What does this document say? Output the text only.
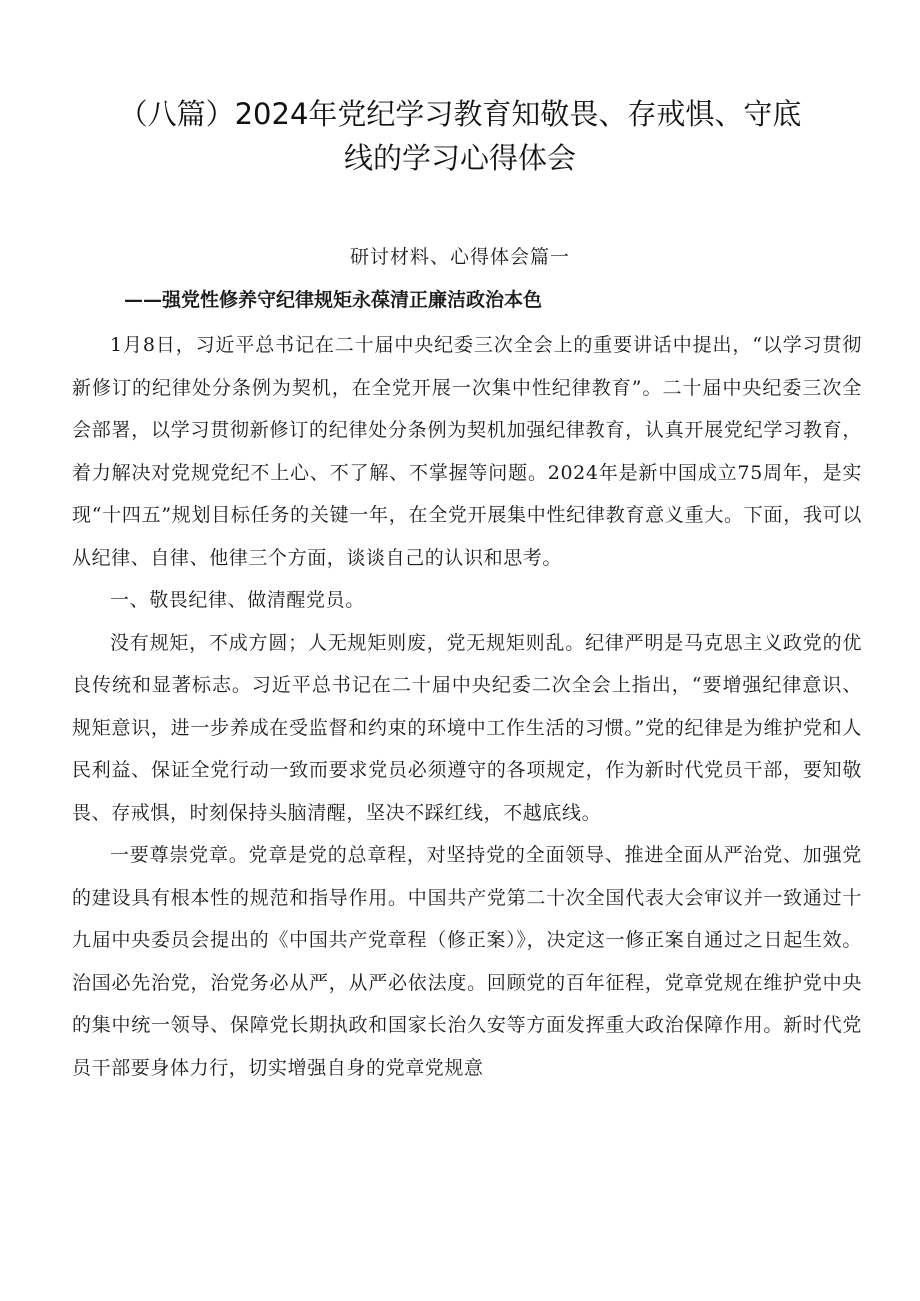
（八篇）2024年党纪学习教育知敬畏、存戒惧、守底
线的学习心得体会
研讨材料、心得体会篇一
——强党性修养守纪律规矩永葆清正廉洁政治本色

1月8日，习近平总书记在二十届中央纪委三次全会上的重要讲话中提出，“以学习贯彻新修订的纪律处分条例为契机，在全党开展一次集中性纪律教育”。二十届中央纪委三次全会部署，以学习贯彻新修订的纪律处分条例为契机加强纪律教育，认真开展党纪学习教育，着力解决对党规党纪不上心、不了解、不掌握等问题。2024年是新中国成立75周年，是实现“十四五”规划目标任务的关键一年，在全党开展集中性纪律教育意义重大。下面，我可以从纪律、自律、他律三个方面，谈谈自己的认识和思考。

一、敬畏纪律、做清醒党员。

没有规矩，不成方圆；人无规矩则废，党无规矩则乱。纪律严明是马克思主义政党的优良传统和显著标志。习近平总书记在二十届中央纪委二次全会上指出，“要增强纪律意识、规矩意识，进一步养成在受监督和约束的环境中工作生活的习惯。”党的纪律是为维护党和人民利益、保证全党行动一致而要求党员必须遵守的各项规定，作为新时代党员干部，要知敬畏、存戒惧，时刻保持头脑清醒，坚决不踩红线，不越底线。

一要尊崇党章。党章是党的总章程，对坚持党的全面领导、推进全面从严治党、加强党的建设具有根本性的规范和指导作用。中国共产党第二十次全国代表大会审议并一致通过十九届中央委员会提出的《中国共产党章程（修正案）》，决定这一修正案自通过之日起生效。治国必先治党，治党务必从严，从严必依法度。回顾党的百年征程，党章党规在维护党中央的集中统一领导、保障党长期执政和国家长治久安等方面发挥重大政治保障作用。新时代党员干部要身体力行，切实增强自身的党章党规意
